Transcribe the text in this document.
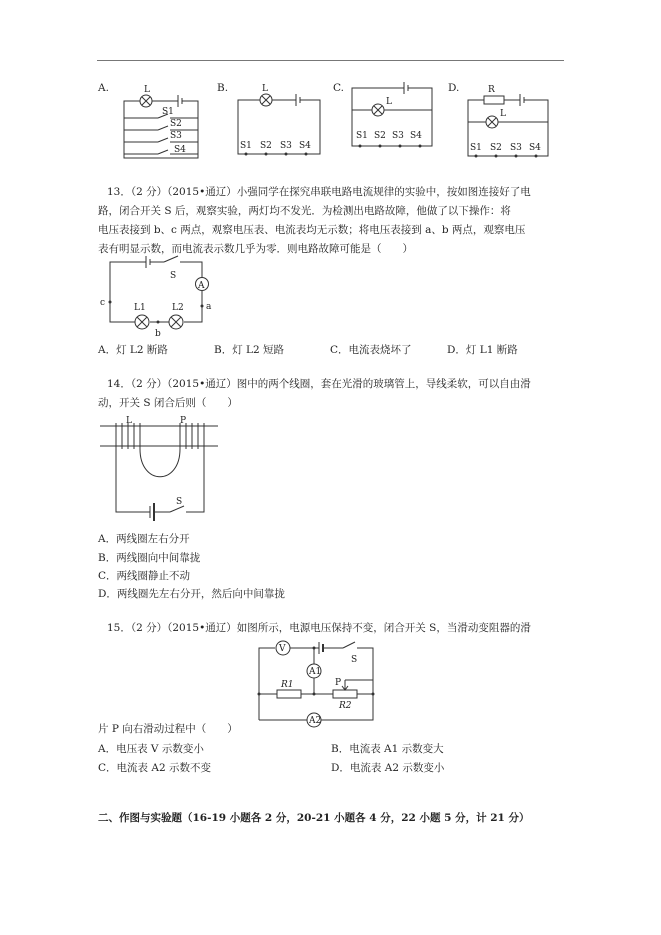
A.	L
S1
S2
S3
S4
B.	L
S1 S2 S3 S4
C.
L
S1 S2 S3 S4
D.	R
L
S1 S2 S3 S4
13．（2 分）（2015•通辽）小强同学在探究串联电路电流规律的实验中，按如图连接好了电
路，闭合开关 S 后，观察实验，两灯均不发光．为检测出电路故障，他做了以下操作：将
电压表接到 b、c 两点，观察电压表、电流表均无示数；将电压表接到 a、b 两点，观察电压
表有明显示数，而电流表示数几乎为零．则电路故障可能是（　　）
S
A
a
c
b
L1	L2
A．灯 L2 断路	B．灯 L2 短路	C．电流表烧坏了	D．灯 L1 断路
14．（2 分）（2015•通辽）图中的两个线圈，套在光滑的玻璃管上，导线柔软，可以自由滑
动，开关 S 闭合后则（　　）
L	P
S
A．两线圈左右分开
B．两线圈向中间靠拢
C．两线圈静止不动
D．两线圈先左右分开，然后向中间靠拢
15．（2 分）（2015•通辽）如图所示，电源电压保持不变，闭合开关 S，当滑动变阻器的滑
V
A1
A2
S
P
R1
R2
片 P 向右滑动过程中（　　）
A．电压表 V 示数变小	B．电流表 A1 示数变大
C．电流表 A2 示数不变	D．电流表 A2 示数变小
二、作图与实验题（16-19 小题各 2 分，20-21 小题各 4 分，22 小题 5 分，计 21 分）
